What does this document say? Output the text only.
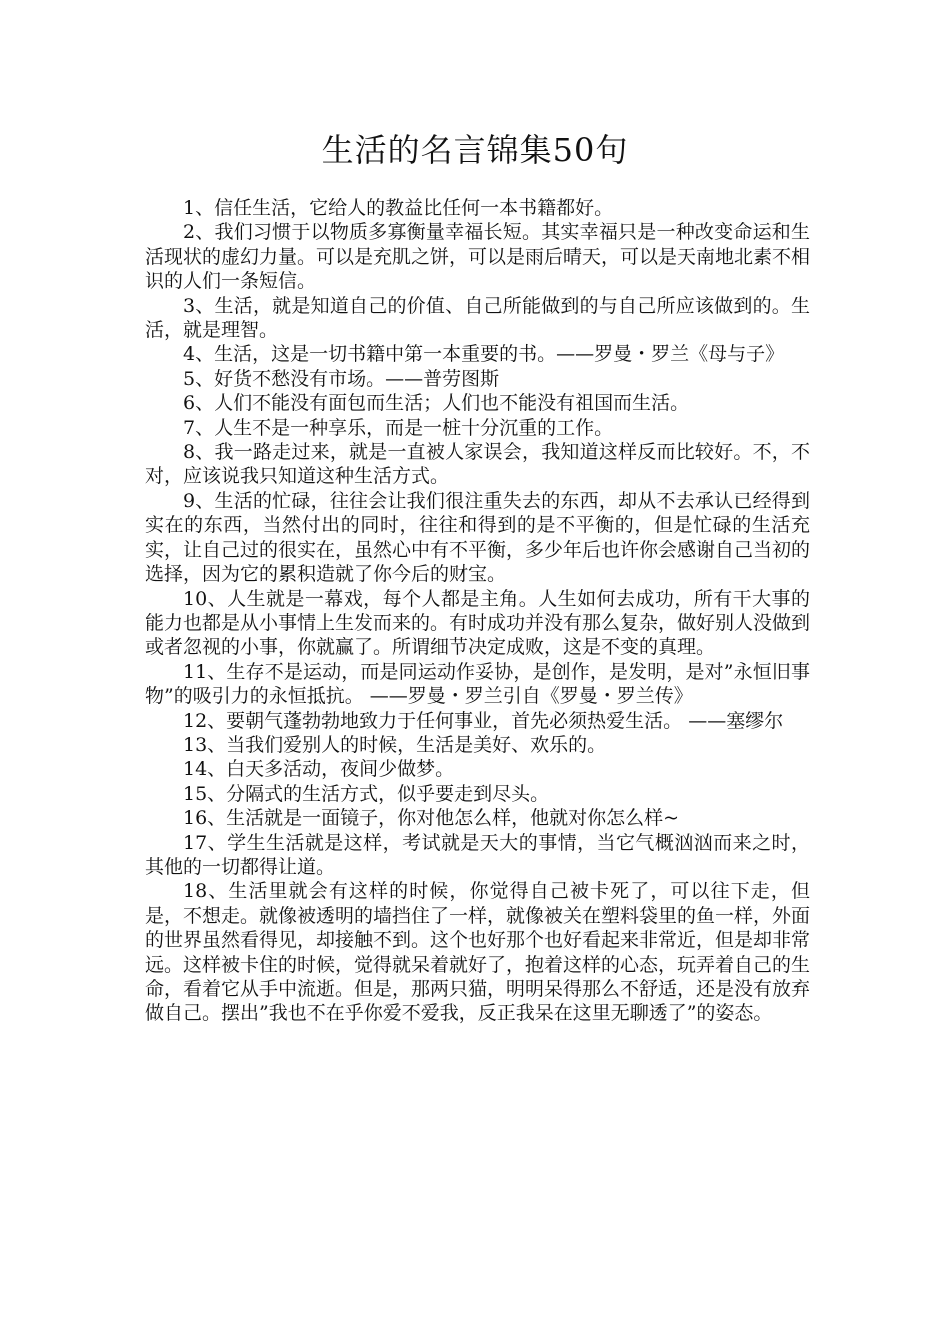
生活的名言锦集50句

1、信任生活，它给人的教益比任何一本书籍都好。

2、我们习惯于以物质多寡衡量幸福长短。其实幸福只是一种改变命运和生活现状的虚幻力量。可以是充肌之饼，可以是雨后晴天，可以是天南地北素不相识的人们一条短信。

3、生活，就是知道自己的价值、自己所能做到的与自己所应该做到的。生活，就是理智。

4、生活，这是一切书籍中第一本重要的书。——罗曼・罗兰《母与子》

5、好货不愁没有市场。——普劳图斯

6、人们不能没有面包而生活；人们也不能没有祖国而生活。

7、人生不是一种享乐，而是一桩十分沉重的工作。

8、我一路走过来，就是一直被人家误会，我知道这样反而比较好。不，不对，应该说我只知道这种生活方式。

9、生活的忙碌，往往会让我们很注重失去的东西，却从不去承认已经得到实在的东西，当然付出的同时，往往和得到的是不平衡的，但是忙碌的生活充实，让自己过的很实在，虽然心中有不平衡，多少年后也许你会感谢自己当初的选择，因为它的累积造就了你今后的财宝。

10、人生就是一幕戏，每个人都是主角。人生如何去成功，所有干大事的能力也都是从小事情上生发而来的。有时成功并没有那么复杂，做好别人没做到或者忽视的小事，你就赢了。所谓细节决定成败，这是不变的真理。

11、生存不是运动，而是同运动作妥协，是创作，是发明，是对”永恒旧事物”的吸引力的永恒抵抗。 ——罗曼・罗兰引自《罗曼・罗兰传》

12、要朝气蓬勃勃地致力于任何事业，首先必须热爱生活。 ——塞缪尔

13、当我们爱别人的时候，生活是美好、欢乐的。

14、白天多活动，夜间少做梦。

15、分隔式的生活方式，似乎要走到尽头。

16、生活就是一面镜子，你对他怎么样，他就对你怎么样~

17、学生生活就是这样，考试就是天大的事情，当它气概汹汹而来之时，其他的一切都得让道。

18、生活里就会有这样的时候，你觉得自己被卡死了，可以往下走，但是，不想走。就像被透明的墙挡住了一样，就像被关在塑料袋里的鱼一样，外面的世界虽然看得见，却接触不到。这个也好那个也好看起来非常近，但是却非常远。这样被卡住的时候，觉得就呆着就好了，抱着这样的心态，玩弄着自己的生命，看着它从手中流逝。但是，那两只猫，明明呆得那么不舒适，还是没有放弃做自己。摆出”我也不在乎你爱不爱我，反正我呆在这里无聊透了”的姿态。
